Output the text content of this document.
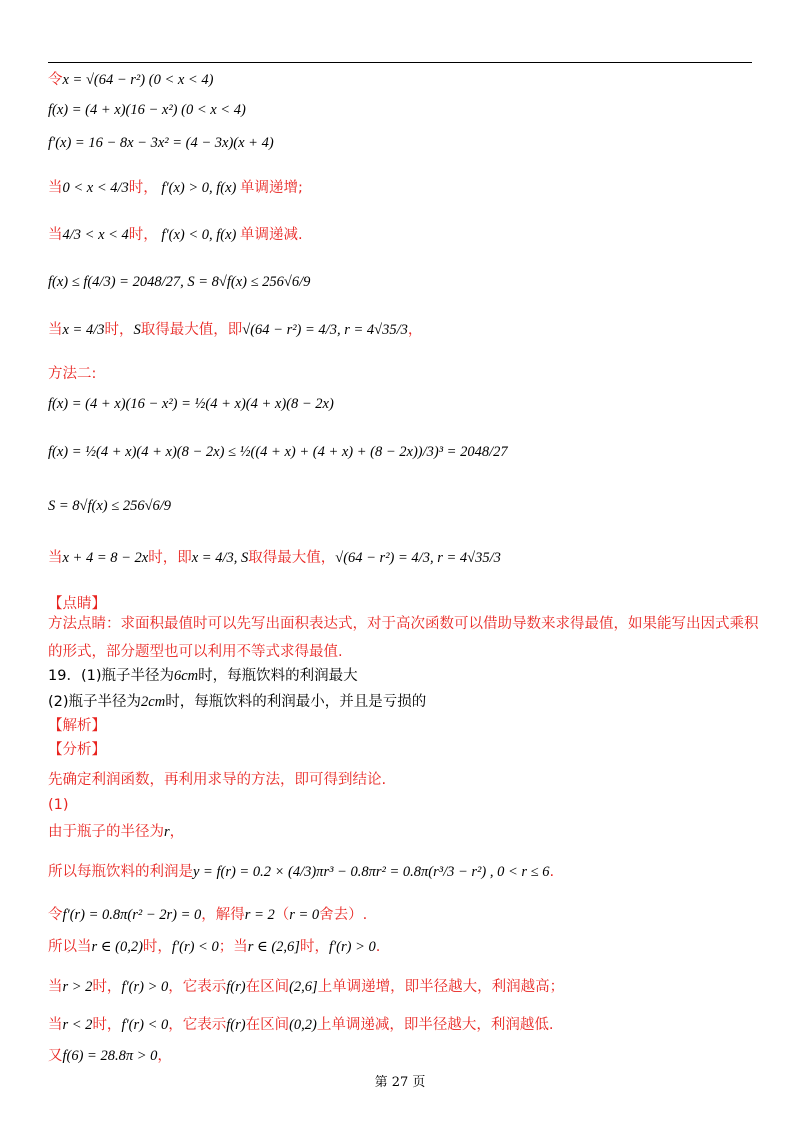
令x = √(64 − r²) (0 < x < 4)
f(x) = (4 + x)(16 − x²) (0 < x < 4)
f′(x) = 16 − 8x − 3x² = (4 − 3x)(x + 4)
当0 < x < 4/3时， f′(x) > 0, f(x) 单调递增;
当4/3 < x < 4时， f′(x) < 0, f(x) 单调递减.
f(x) ≤ f(4/3) = 2048/27, S = 8√f(x) ≤ 256√6/9
当x = 4/3时，S取得最大值，即√(64 − r²) = 4/3, r = 4√35/3，
方法二:
f(x) = (4 + x)(16 − x²) = ½(4 + x)(4 + x)(8 − 2x)
f(x) = ½(4 + x)(4 + x)(8 − 2x) ≤ ½((4 + x) + (4 + x) + (8 − 2x))/3)³ = 2048/27
S = 8√f(x) ≤ 256√6/9
当x + 4 = 8 − 2x时，即x = 4/3, S取得最大值，√(64 − r²) = 4/3, r = 4√35/3
【点睛】
方法点睛：求面积最值时可以先写出面积表达式，对于高次函数可以借助导数来求得最值，如果能写出因式乘积
的形式，部分题型也可以利用不等式求得最值.
19．(1)瓶子半径为6cm时，每瓶饮料的利润最大
(2)瓶子半径为2cm时，每瓶饮料的利润最小，并且是亏损的
【解析】
【分析】
先确定利润函数，再利用求导的方法，即可得到结论.
(1)
由于瓶子的半径为r，
所以每瓶饮料的利润是y = f(r) = 0.2 × (4/3)πr³ − 0.8πr² = 0.8π(r³/3 − r²) , 0 < r ≤ 6.
令f′(r) = 0.8π(r² − 2r) = 0，解得r = 2（r = 0舍去）.
所以当r ∈ (0,2)时，f′(r) < 0；当r ∈ (2,6]时，f′(r) > 0.
当r > 2时，f′(r) > 0，它表示f(r)在区间(2,6]上单调递增，即半径越大，利润越高；
当r < 2时，f′(r) < 0，它表示f(r)在区间(0,2)上单调递减，即半径越大，利润越低.
又f(6) = 28.8π > 0，
第 27 页
